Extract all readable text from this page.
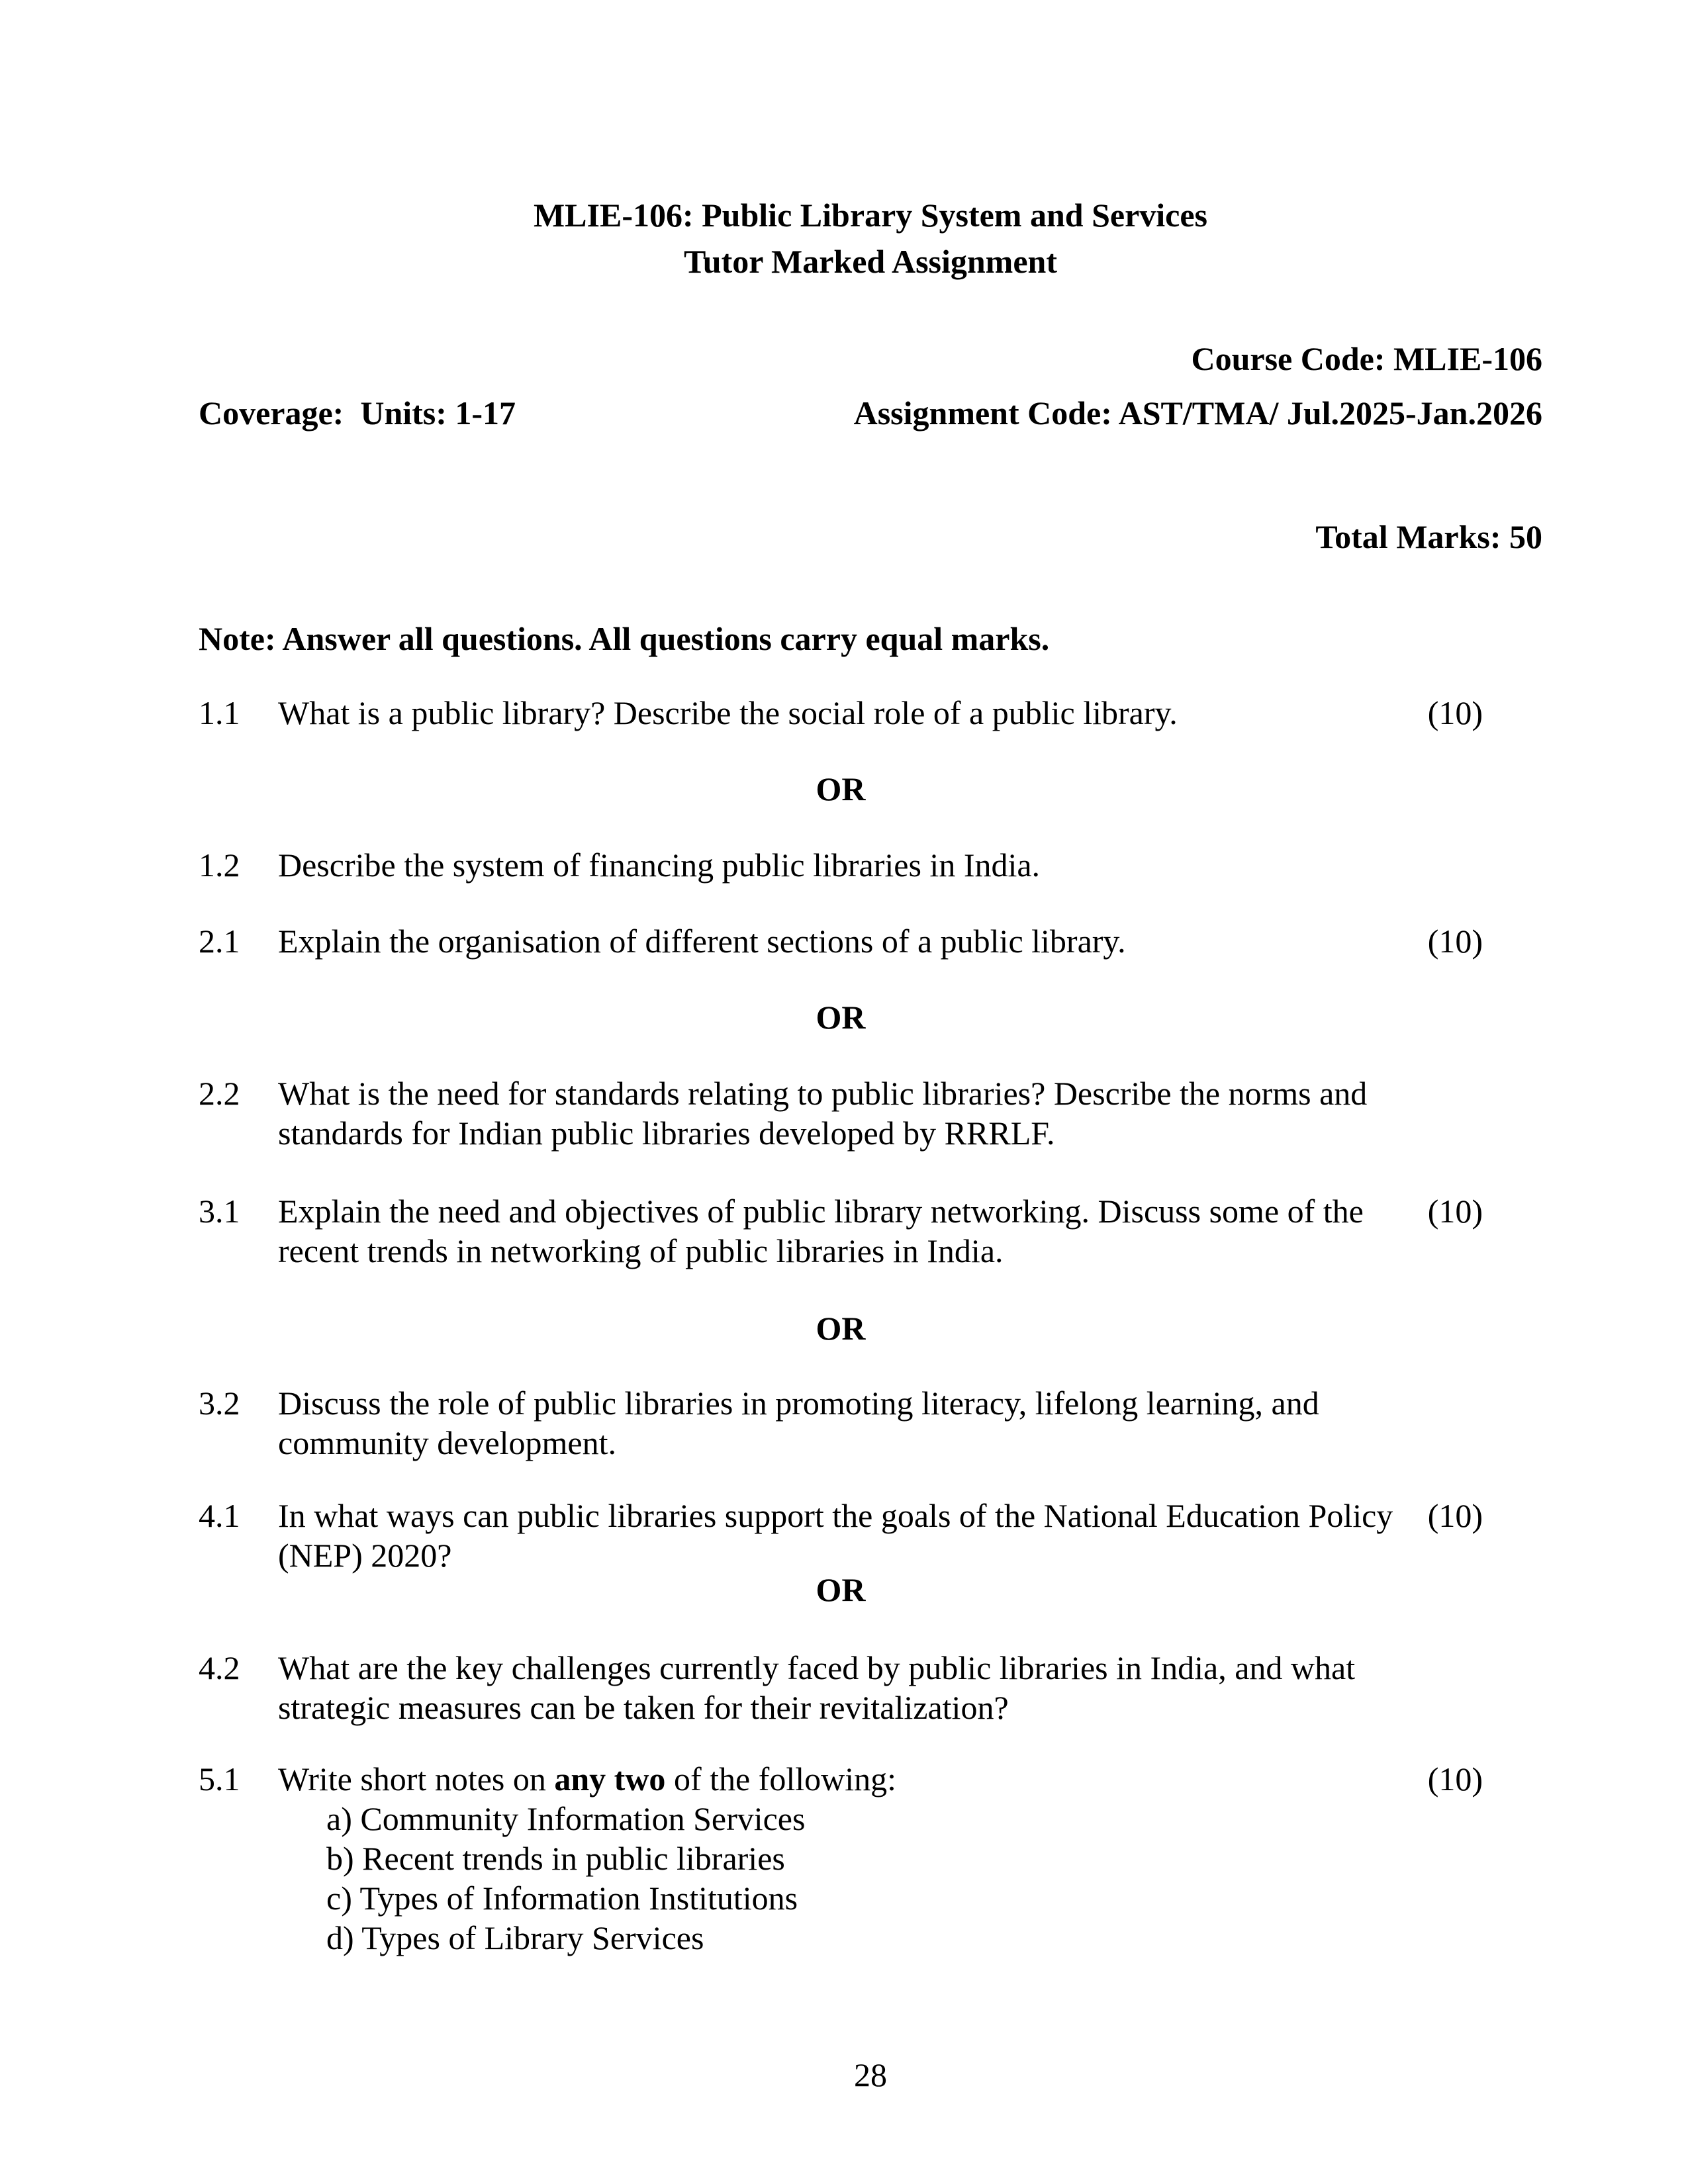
MLIE-106: Public Library System and Services
Tutor Marked Assignment
Course Code: MLIE-106
Coverage:  Units: 1-17	Assignment Code: AST/TMA/ Jul.2025-Jan.2026
Total Marks: 50
Note: Answer all questions. All questions carry equal marks.
1.1	What is a public library? Describe the social role of a public library.	(10)
OR
1.2	Describe the system of financing public libraries in India.
2.1	Explain the organisation of different sections of a public library.	(10)
OR
2.2	What is the need for standards relating to public libraries? Describe the norms and
standards for Indian public libraries developed by RRRLF.
3.1	Explain the need and objectives of public library networking. Discuss some of the
recent trends in networking of public libraries in India.
(10)
OR
3.2	Discuss the role of public libraries in promoting literacy, lifelong learning, and
community development.
4.1	In what ways can public libraries support the goals of the National Education Policy
(NEP) 2020?
(10)
OR
4.2	What are the key challenges currently faced by public libraries in India, and what
strategic measures can be taken for their revitalization?
5.1	Write short notes on any two of the following:
a) Community Information Services
b) Recent trends in public libraries
c) Types of Information Institutions
d) Types of Library Services
(10)
28
